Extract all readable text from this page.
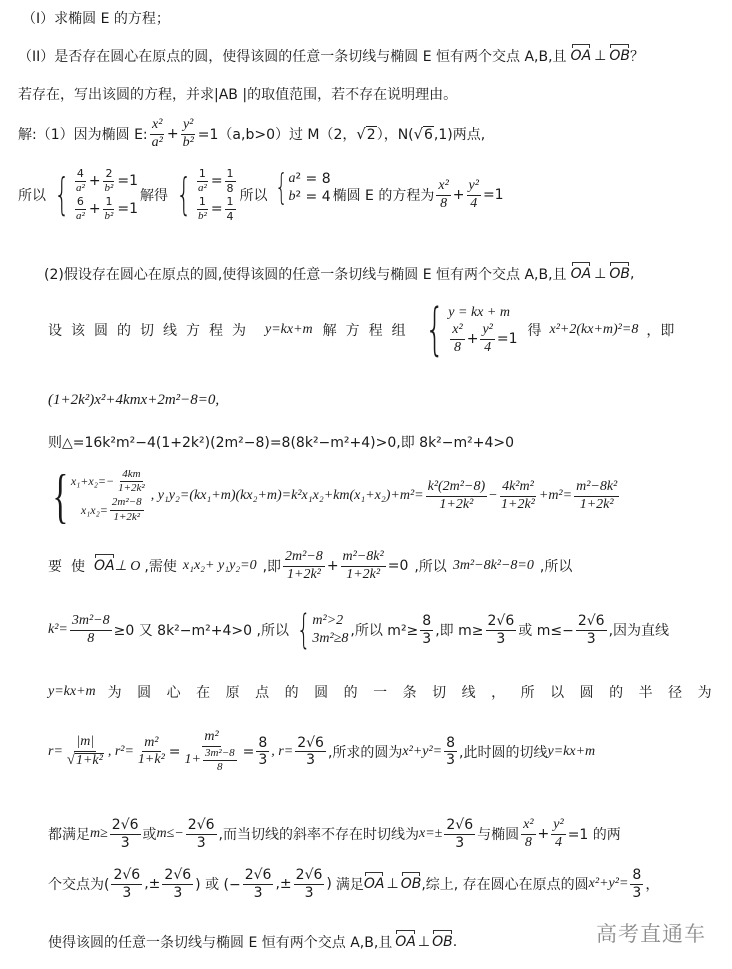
（I）求椭圆 E 的方程；
（II）是否存在圆心在原点的圆，使得该圆的任意一条切线与椭圆 E 恒有两个交点 A,B,且 OA ⊥ OB ？
若存在，写出该圆的方程，并求|AB |的取值范围，若不存在说明理由。
解:（1）因为椭圆 E: $\frac{\text{x²}}{\text{a²}} + \frac{\text{y²}}{\text{b²}} =1(a,b>0)$过 M（2， √ 2 ），N( √ 6 ,1)两点,
所以 { $\frac{4}{\text{a²}} + \frac{2}{\text{b²}} =1$
$\frac{6}{\text{a²}} + \frac{1}{\text{b²}} =1$
解得 { $\frac{1}{\text{a²}} = \frac{1}{8}$
$\frac{1}{\text{b²}} = \frac{1}{4}$ 所以 { a ² = 8
b ² = 4 椭圆 E 的方程为 $\frac{\text{x²}}{8} + \frac{\text{y²}}{4} =1$
(2)假设存在圆心在原点的圆,使得该圆的任意一条切线与椭圆 E 恒有两个交点 A,B,且 OA ⊥ OB ,
设该圆的切线方程为 y=kx+m 解方程组 { y = kx + m
$\frac{\text{x²}}{8} + \frac{\text{y²}}{4} =1$ 得 x²+2(kx+m)²=8 ，即
(1+2k²)x²+4kmx+2m²−8=0,
则△=16k²m²−4(1+2k²)(2m²−8)=8(8k²−m²+4)>0,即 8k²−m²+4>0
{ $x_1+x_2=- \frac{4km}{\text{1+2k²}}$
$x_1x_2= \frac{\text{2m²−8}}{\text{1+2k²}}$
, $y_1y_2=(kx_1+m)(kx_2+m)=k^2x_1x_2+km(x_1+x_2)+m^2= \frac{\text{k²(2m²−8)}}{\text{1+2k²}} - \frac{\text{4k²m²}}{\text{1+2k²}} +m^2= \frac{\text{m²−8k²}}{\text{1+2k²}}$
要使 OA ⊥ O ,需使 x₁x₂+ y₁y₂=0 ,即 $\frac{\text{2m²−8}}{\text{1+2k²}} + \frac{\text{m²−8k²}}{\text{1+2k²}} =0$ ,所以 3m²−8k²−8=0 ,所以
$k^2= \frac{\text{3m²−8}}{8} \ge 0$ 又 8k²−m²+4>0 ,所以 { m²>2
3m²≥8 ,所以 $m^2\ge \frac{8}{3}$ ,即 $m\ge \frac{2√6}{3}$ 或 $m\le- \frac{2√6}{3}$ ,因为直线
y=kx+m 为圆心在原点的圆的一条切线，所以圆的半径为
$r= \frac{|m|}{\text{√ 1+k²}}$ , $r^2= \frac{\text{m²}}{\text{1+k²}} = \frac{\text{m²}}{1+ \frac{\text{3m²−8}}{8}} = \frac{8}{3}$ , $r= \frac{2√6}{3}$ ,所求的圆为 $x^2+y^2= \frac{8}{3}$ ,此时圆的切线 y=kx+m
都满足 $m\ge \frac{2√6}{3}$ 或 $m\le- \frac{2√6}{3}$ ,而当切线的斜率不存在时切线为 $x=\pm \frac{2√6}{3}$ 与椭圆 $\frac{\text{x²}}{8} + \frac{\text{y²}}{4} =1$ 的两
个交点为( $\frac{2√6}{3}$ ,± $\frac{2√6}{3}$ ) 或 (− $\frac{2√6}{3}$ ,± $\frac{2√6}{3}$ ) 满足 OA ⊥ OB ,综上, 存在圆心在原点的圆 $x^2+y^2= \frac{8}{3}$ ，
使得该圆的任意一条切线与椭圆 E 恒有两个交点 A,B,且 OA ⊥ OB .	高考直通车
